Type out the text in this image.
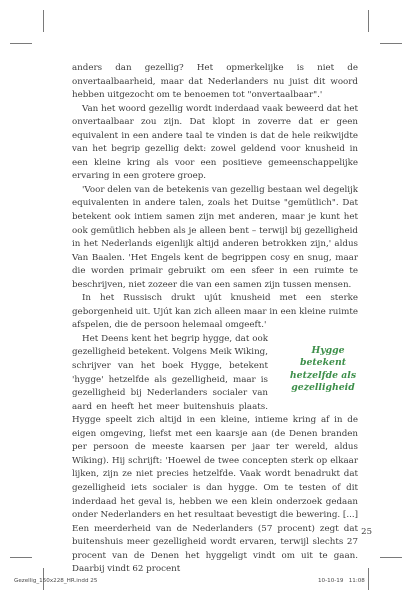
anders dan gezellig? Het opmerkelijke is niet de onvertaalbaarheid, maar dat Nederlanders nu juist dit woord hebben uitgezocht om te benoemen tot "onvertaalbaar".'

Van het woord gezellig wordt inderdaad vaak beweerd dat het onvertaalbaar zou zijn. Dat klopt in zoverre dat er geen equivalent in een andere taal te vinden is dat de hele reikwijdte van het begrip gezellig dekt: zowel geldend voor knusheid in een kleine kring als voor een positieve gemeenschappelijke ervaring in een grotere groep.

'Voor delen van de betekenis van gezellig bestaan wel degelijk equivalenten in andere talen, zoals het Duitse "gemütlich". Dat betekent ook intiem samen zijn met anderen, maar je kunt het ook gemütlich hebben als je alleen bent – terwijl bij gezelligheid in het Nederlands eigenlijk altijd anderen betrokken zijn,' aldus Van Baalen. 'Het Engels kent de begrippen cosy en snug, maar die worden primair gebruikt om een sfeer in een ruimte te beschrijven, niet zozeer die van een samen zijn tussen mensen.

In het Russisch drukt ujút knusheid met een sterke geborgenheid uit. Ujút kan zich alleen maar in een kleine ruimte afspelen, die de persoon helemaal omgeeft.'

Hygge betekent hetzelfde als gezelligheid
Het Deens kent het begrip hygge, dat ook gezelligheid betekent. Volgens Meik Wiking, schrijver van het boek Hygge, betekent 'hygge' hetzelfde als gezelligheid, maar is gezelligheid bij Nederlanders socialer van aard en heeft het meer buitenshuis plaats. Hygge speelt zich altijd in een kleine, intieme kring af in de eigen omgeving, liefst met een kaarsje aan (de Denen branden per persoon de meeste kaarsen per jaar ter wereld, aldus Wiking). Hij schrijft: 'Hoewel de twee concepten sterk op elkaar lijken, zijn ze niet precies hetzelfde. Vaak wordt benadrukt dat gezelligheid iets socialer is dan hygge. Om te testen of dit inderdaad het geval is, hebben we een klein onderzoek gedaan onder Nederlanders en het resultaat bevestigt die bewering. [...] Een meerderheid van de Nederlanders (57 procent) zegt dat buitenshuis meer gezelligheid wordt ervaren, terwijl slechts 27 procent van de Denen het hyggeligt vindt om uit te gaan. Daarbij vindt 62 procent

25
Gezellig_150x228_HR.indd 25	10-10-19 11:08
